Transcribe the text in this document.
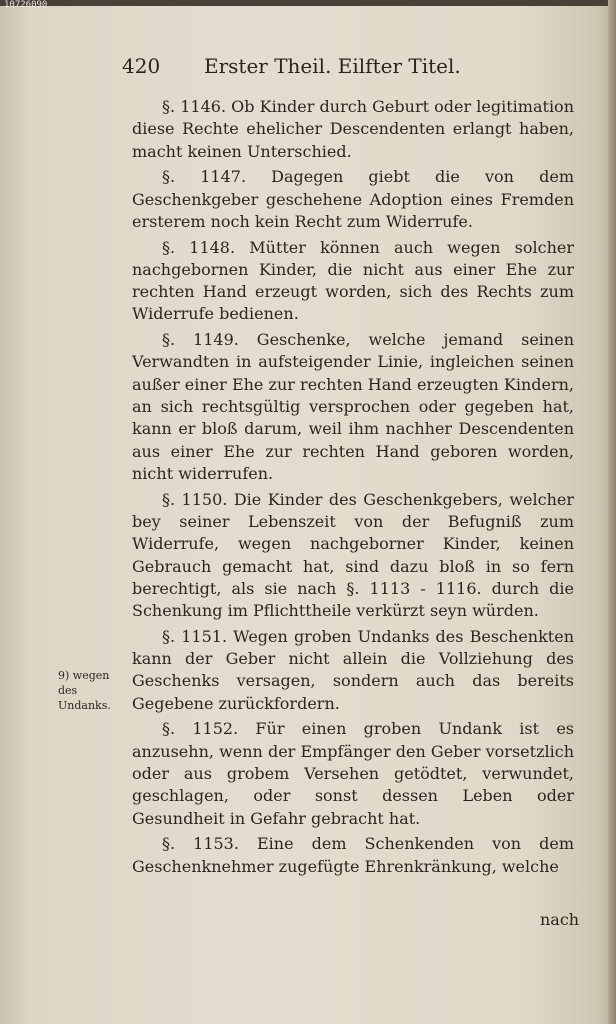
10726090
420 Erster Theil. Eilfter Titel.

§. 1146. Ob Kinder durch Geburt oder legitimation diese Rechte ehelicher Descendenten erlangt haben, macht keinen Unterschied.

§. 1147. Dagegen giebt die von dem Geschenkgeber geschehene Adoption eines Fremden ersterem noch kein Recht zum Widerrufe.

§. 1148. Mütter können auch wegen solcher nachgebornen Kinder, die nicht aus einer Ehe zur rechten Hand erzeugt worden, sich des Rechts zum Widerrufe bedienen.

§. 1149. Geschenke, welche jemand seinen Verwandten in aufsteigender Linie, ingleichen seinen außer einer Ehe zur rechten Hand erzeugten Kindern, an sich rechtsgültig versprochen oder gegeben hat, kann er bloß darum, weil ihm nachher Descendenten aus einer Ehe zur rechten Hand geboren worden, nicht widerrufen.

§. 1150. Die Kinder des Geschenkgebers, welcher bey seiner Lebenszeit von der Befugniß zum Widerrufe, wegen nachgeborner Kinder, keinen Gebrauch gemacht hat, sind dazu bloß in so fern berechtigt, als sie nach §. 1113 - 1116. durch die Schenkung im Pflichttheile verkürzt seyn würden.

§. 1151. Wegen groben Undanks des Beschenkten kann der Geber nicht allein die Vollziehung des Geschenks versagen, sondern auch das bereits Gegebene zurückfordern.

§. 1152. Für einen groben Undank ist es anzusehn, wenn der Empfänger den Geber vorsetzlich oder aus grobem Versehen getödtet, verwundet, geschlagen, oder sonst dessen Leben oder Gesundheit in Gefahr gebracht hat.

§. 1153. Eine dem Schenkenden von dem Geschenknehmer zugefügte Ehrenkränkung, welche

9) wegen des Undanks.
nach
